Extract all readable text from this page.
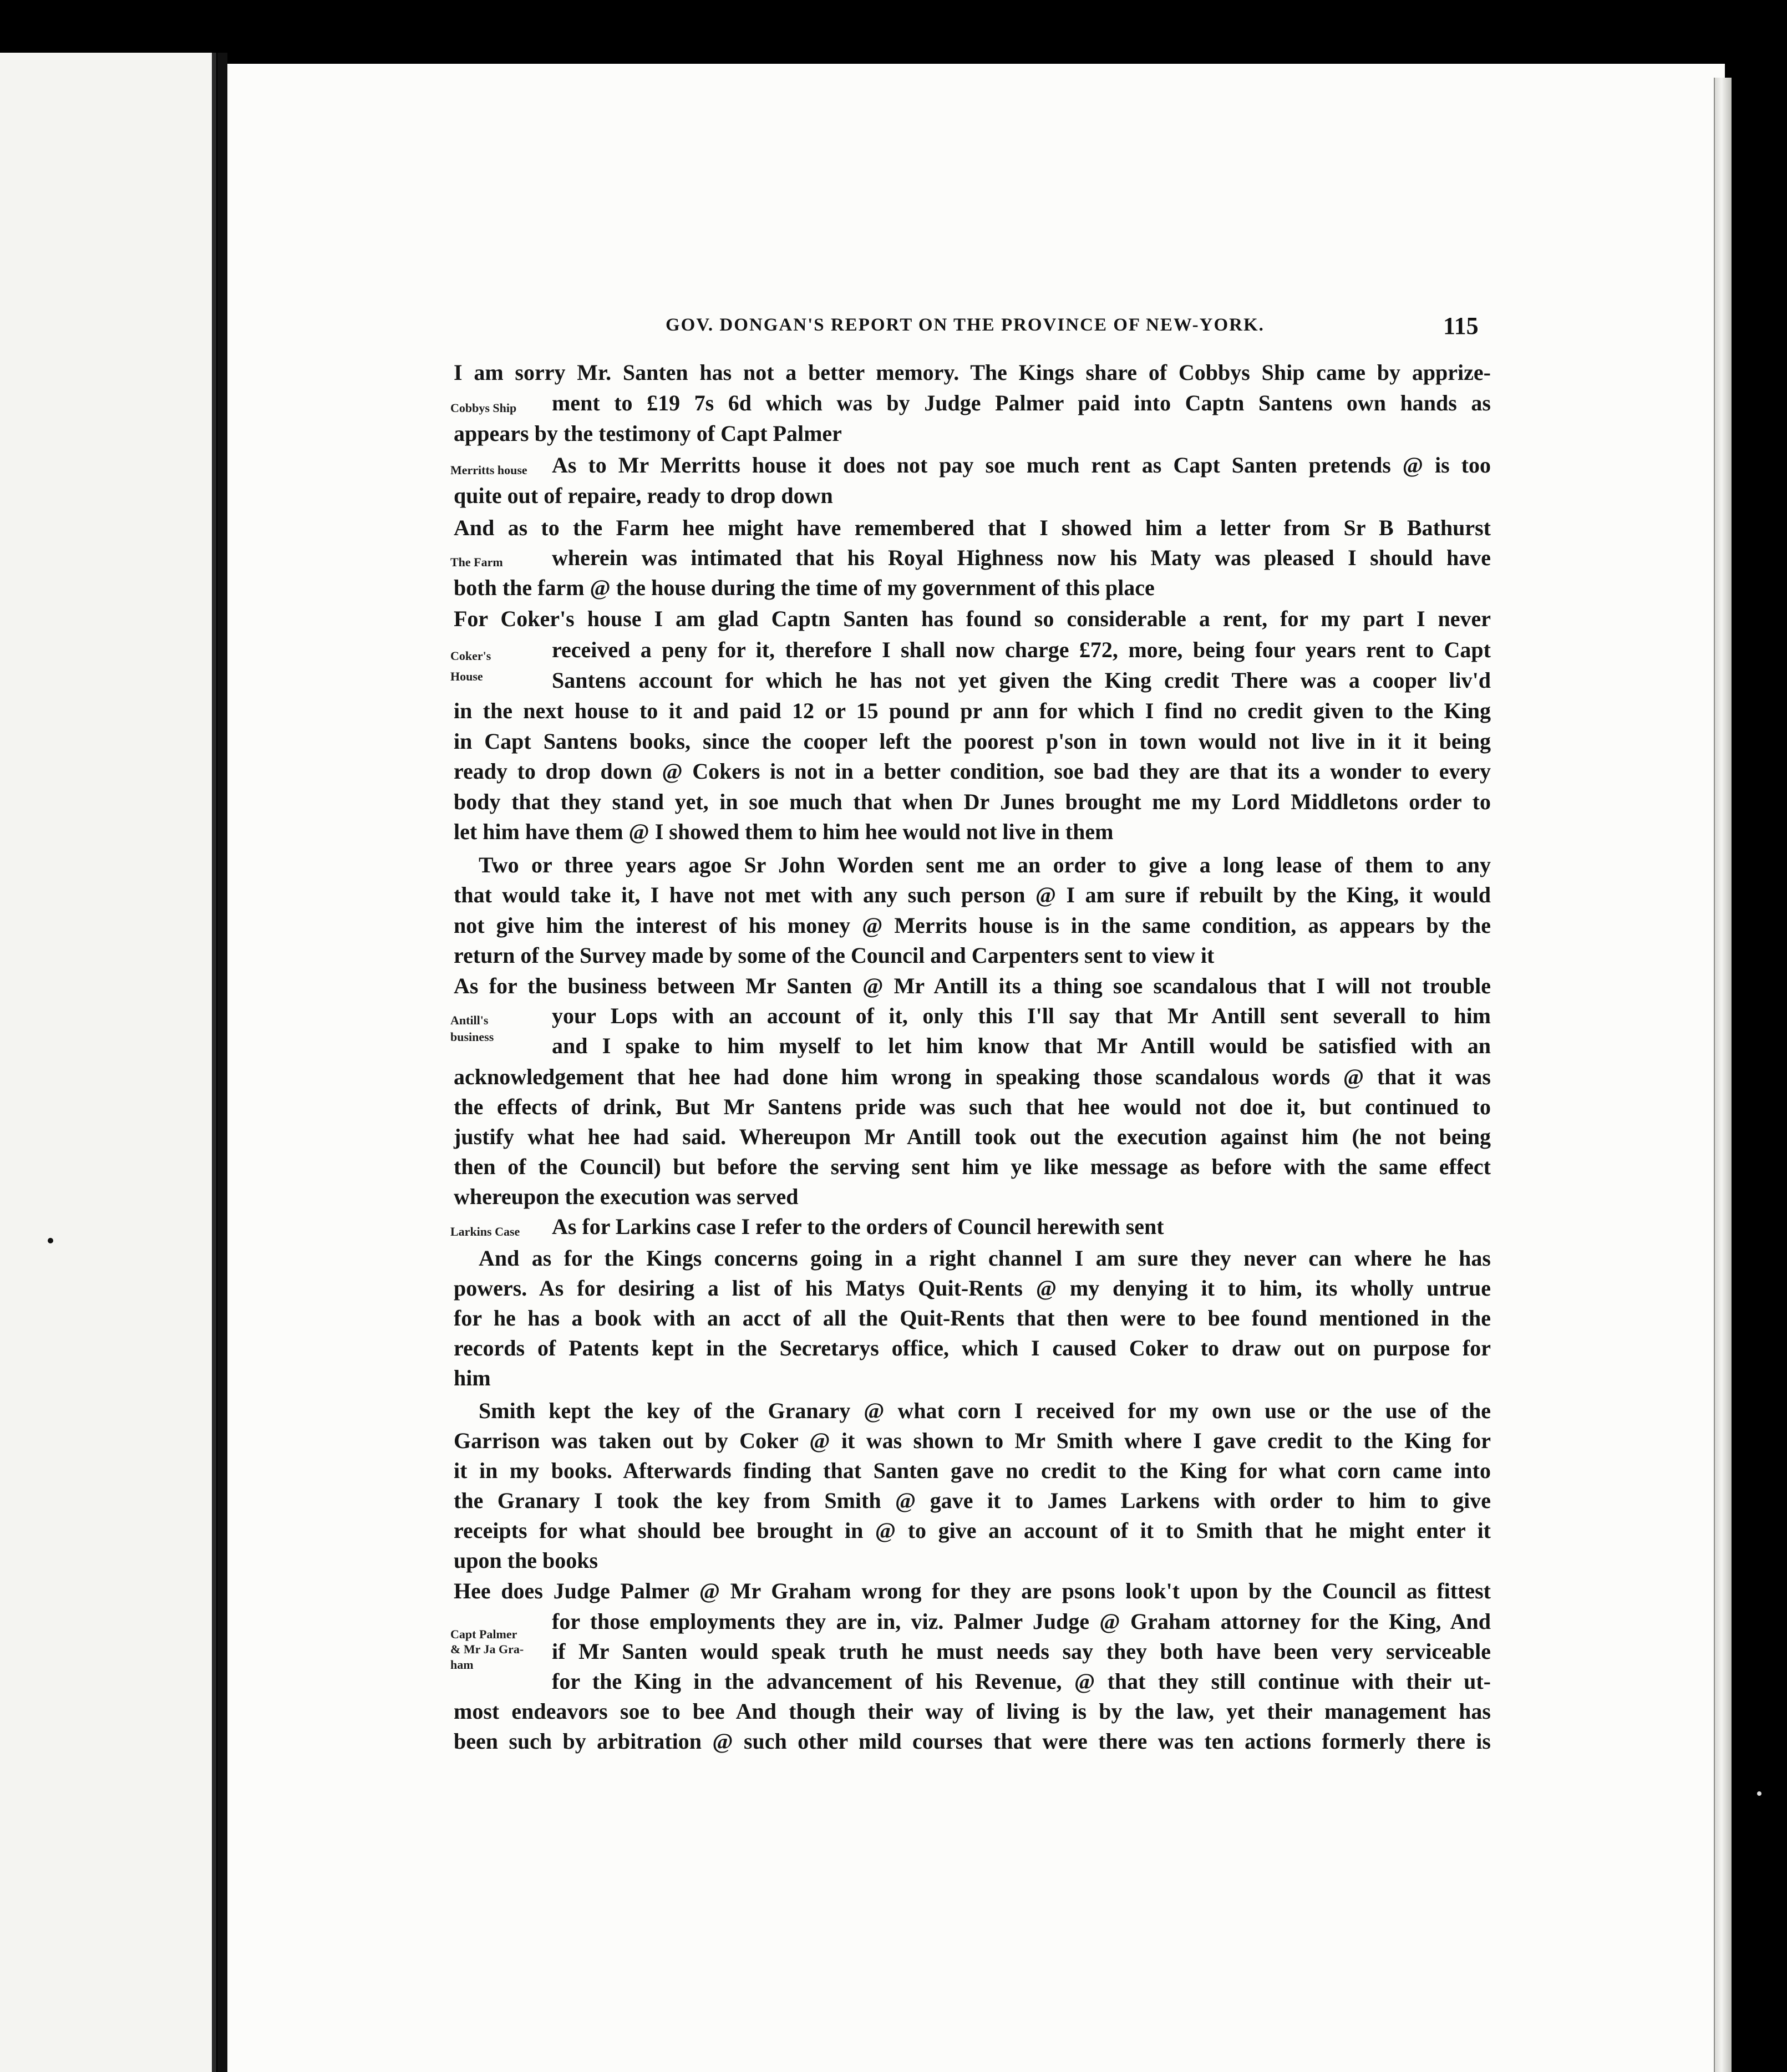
GOV. DONGAN'S REPORT ON THE PROVINCE OF NEW-YORK.	115
I am sorry Mr. Santen has not a better memory. The Kings share of Cobbys Ship came by apprize-
ment to £19 7s 6d which was by Judge Palmer paid into Captn Santens own hands as
appears by the testimony of Capt Palmer
As to Mr Merritts house it does not pay soe much rent as Capt Santen pretends @ is too
quite out of repaire, ready to drop down
And as to the Farm hee might have remembered that I showed him a letter from Sr B Bathurst
wherein was intimated that his Royal Highness now his Maty was pleased I should have
both the farm @ the house during the time of my government of this place
For Coker's house I am glad Captn Santen has found so considerable a rent, for my part I never
received a peny for it, therefore I shall now charge £72, more, being four years rent to Capt
Santens account for which he has not yet given the King credit There was a cooper liv'd
in the next house to it and paid 12 or 15 pound pr ann for which I find no credit given to the King
in Capt Santens books, since the cooper left the poorest p'son in town would not live in it it being
ready to drop down @ Cokers is not in a better condition, soe bad they are that its a wonder to every
body that they stand yet, in soe much that when Dr Junes brought me my Lord Middletons order to
let him have them @ I showed them to him hee would not live in them
Two or three years agoe Sr John Worden sent me an order to give a long lease of them to any
that would take it, I have not met with any such person @ I am sure if rebuilt by the King, it would
not give him the interest of his money @ Merrits house is in the same condition, as appears by the
return of the Survey made by some of the Council and Carpenters sent to view it
As for the business between Mr Santen @ Mr Antill its a thing soe scandalous that I will not trouble
your Lops with an account of it, only this I'll say that Mr Antill sent severall to him
and I spake to him myself to let him know that Mr Antill would be satisfied with an
acknowledgement that hee had done him wrong in speaking those scandalous words @ that it was
the effects of drink, But Mr Santens pride was such that hee would not doe it, but continued to
justify what hee had said. Whereupon Mr Antill took out the execution against him (he not being
then of the Council) but before the serving sent him ye like message as before with the same effect
whereupon the execution was served
As for Larkins case I refer to the orders of Council herewith sent
And as for the Kings concerns going in a right channel I am sure they never can where he has
powers. As for desiring a list of his Matys Quit-Rents @ my denying it to him, its wholly untrue
for he has a book with an acct of all the Quit-Rents that then were to bee found mentioned in the
records of Patents kept in the Secretarys office, which I caused Coker to draw out on purpose for
him
Smith kept the key of the Granary @ what corn I received for my own use or the use of the
Garrison was taken out by Coker @ it was shown to Mr Smith where I gave credit to the King for
it in my books. Afterwards finding that Santen gave no credit to the King for what corn came into
the Granary I took the key from Smith @ gave it to James Larkens with order to him to give
receipts for what should bee brought in @ to give an account of it to Smith that he might enter it
upon the books
Hee does Judge Palmer @ Mr Graham wrong for they are psons look't upon by the Council as fittest
for those employments they are in, viz. Palmer Judge @ Graham attorney for the King, And
if Mr Santen would speak truth he must needs say they both have been very serviceable
for the King in the advancement of his Revenue, @ that they still continue with their ut-
most endeavors soe to bee And though their way of living is by the law, yet their management has
been such by arbitration @ such other mild courses that were there was ten actions formerly there is
Cobbys Ship
Merritts house
The Farm
Coker's
House
Antill's
business
Larkins Case
Capt Palmer
& Mr Ja Gra-
ham
